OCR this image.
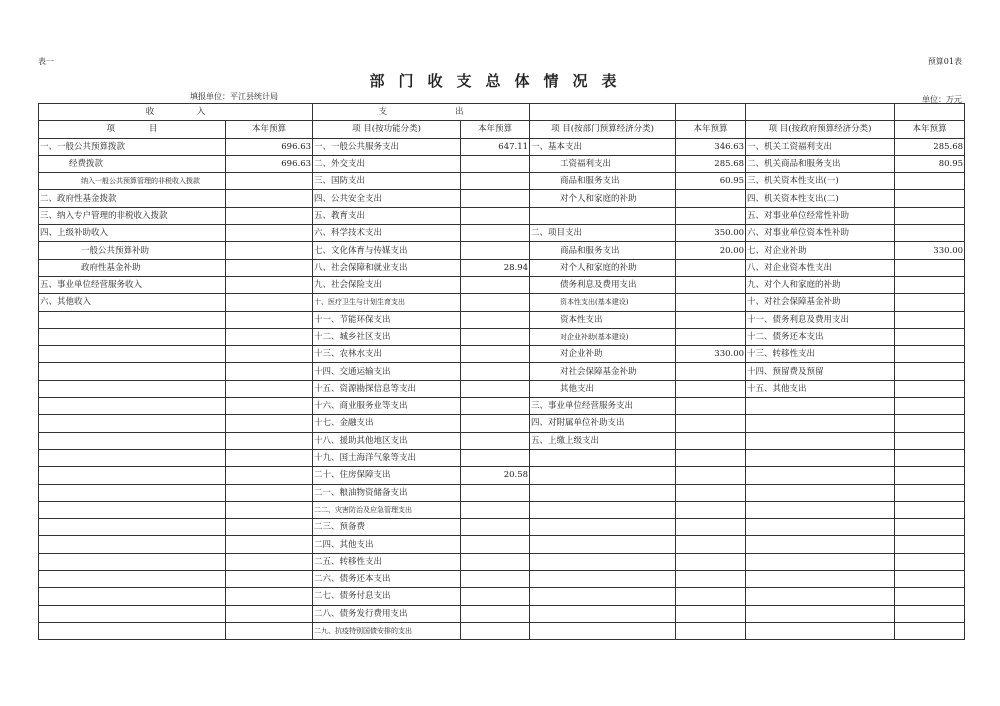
表一	预算01表
部门收支总体情况表
填报单位：平江县统计局	单位：万元
收　　　　　入		支　　　　　　　　出					
项　　　　目	本年预算	项 目(按功能分类)	本年预算	项 目(按部门预算经济分类)	本年预算	项 目(按政府预算经济分类)	本年预算
一、一般公共预算拨款	696.63	一、一般公共服务支出	647.11	一、基本支出	346.63	一、机关工资福利支出	285.68
经费拨款	696.63	二、外交支出		工资福利支出	285.68	二、机关商品和服务支出	80.95
纳入一般公共预算管理的非税收入拨款		三、国防支出		商品和服务支出	60.95	三、机关资本性支出(一)	
二、政府性基金拨款		四、公共安全支出		对个人和家庭的补助		四、机关资本性支出(二)	
三、纳入专户管理的非税收入拨款		五、教育支出				五、对事业单位经常性补助	
四、上级补助收入		六、科学技术支出		二、项目支出	350.00	六、对事业单位资本性补助	
一般公共预算补助		七、文化体育与传媒支出		商品和服务支出	20.00	七、对企业补助	330.00
政府性基金补助		八、社会保障和就业支出	28.94	对个人和家庭的补助		八、对企业资本性支出	
五、事业单位经营服务收入		九、社会保险支出		债务利息及费用支出		九、对个人和家庭的补助	
六、其他收入		十、医疗卫生与计划生育支出		资本性支出(基本建设)		十、对社会保障基金补助	
		十一、节能环保支出		资本性支出		十一、债务利息及费用支出	
		十二、城乡社区支出		对企业补助(基本建设)		十二、债务还本支出	
		十三、农林水支出		对企业补助	330.00	十三、转移性支出	
		十四、交通运输支出		对社会保障基金补助		十四、预留费及预留	
		十五、资源勘探信息等支出		其他支出		十五、其他支出	
		十六、商业服务业等支出		三、事业单位经营服务支出			
		十七、金融支出		四、对附属单位补助支出			
		十八、援助其他地区支出		五、上缴上级支出			
		十九、国土海洋气象等支出					
		二十、住房保障支出	20.58				
		二一、粮油物资储备支出					
		二二、灾害防治及应急管理支出					
		二三、预备费					
		二四、其他支出					
		二五、转移性支出					
		二六、债务还本支出					
		二七、债务付息支出					
		二八、债务发行费用支出					
		二九、抗疫特别国债安排的支出					
